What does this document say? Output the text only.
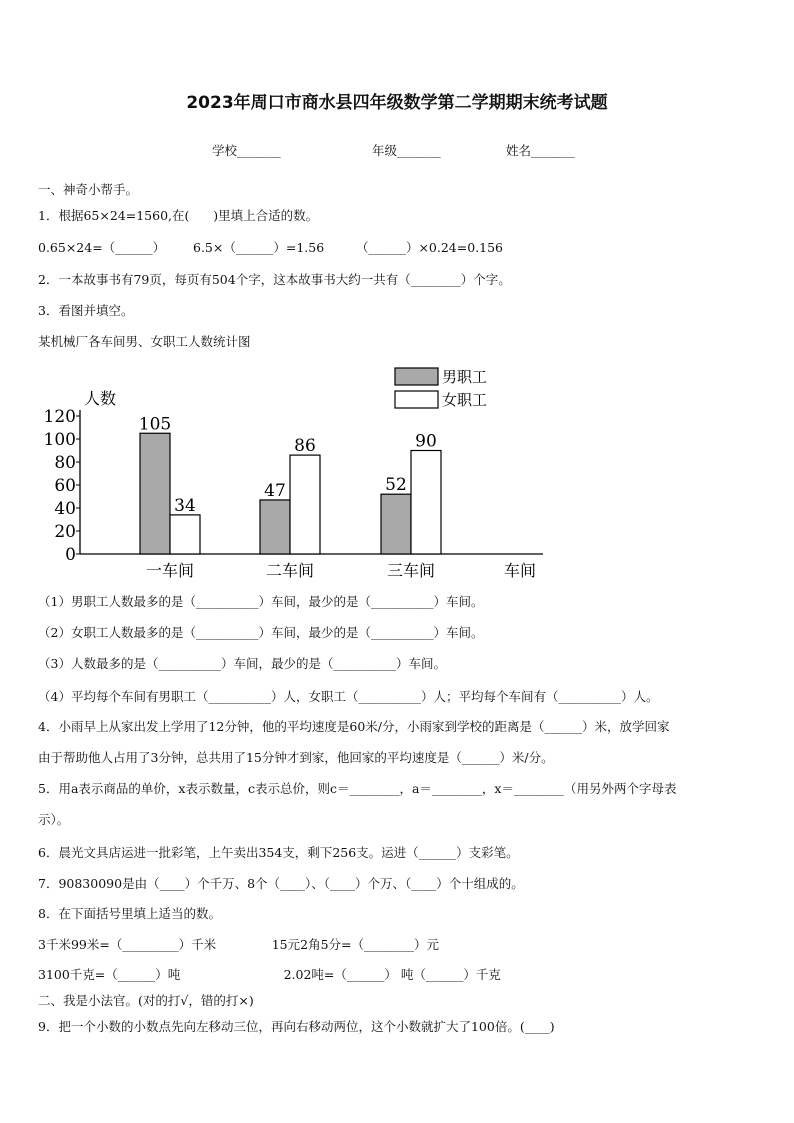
2023年周口市商水县四年级数学第二学期期末统考试题
学校_______	年级_______	姓名_______
一、神奇小帮手。
1．根据65×24=1560,在(      )里填上合适的数。
0.65×24=（______）       6.5×（______）=1.56        （______）×0.24=0.156
2．一本故事书有79页，每页有504个字，这本故事书大约一共有（________）个字。
3．看图并填空。
某机械厂各车间男、女职工人数统计图
0
20
40
60
80
100
120
人数
105
34
一车间
47
86
二车间
52
90
三车间	车间
男职工
女职工
（1）男职工人数最多的是（__________）车间，最少的是（__________）车间。
（2）女职工人数最多的是（__________）车间，最少的是（__________）车间。
（3）人数最多的是（__________）车间，最少的是（__________）车间。
（4）平均每个车间有男职工（__________）人，女职工（__________）人；平均每个车间有（__________）人。
4．小雨早上从家出发上学用了12分钟，他的平均速度是60米/分，小雨家到学校的距离是（______）米，放学回家
由于帮助他人占用了3分钟，总共用了15分钟才到家，他回家的平均速度是（______）米/分。
5．用a表示商品的单价，x表示数量，c表示总价，则c＝________，a＝________，x＝________（用另外两个字母表
示）。
6．晨光文具店运进一批彩笔，上午卖出354支，剩下256支。运进（______）支彩笔。
7．90830090是由（____）个千万、8个（____）、（____）个万、（____）个十组成的。
8．在下面括号里填上适当的数。
3千米99米=（_________）千米              15元2角5分=（________）元
3100千克=（______）吨                          2.02吨=（______） 吨（______）千克
二、我是小法官。(对的打√，错的打×)
9．把一个小数的小数点先向左移动三位，再向右移动两位，这个小数就扩大了100倍。(____)
